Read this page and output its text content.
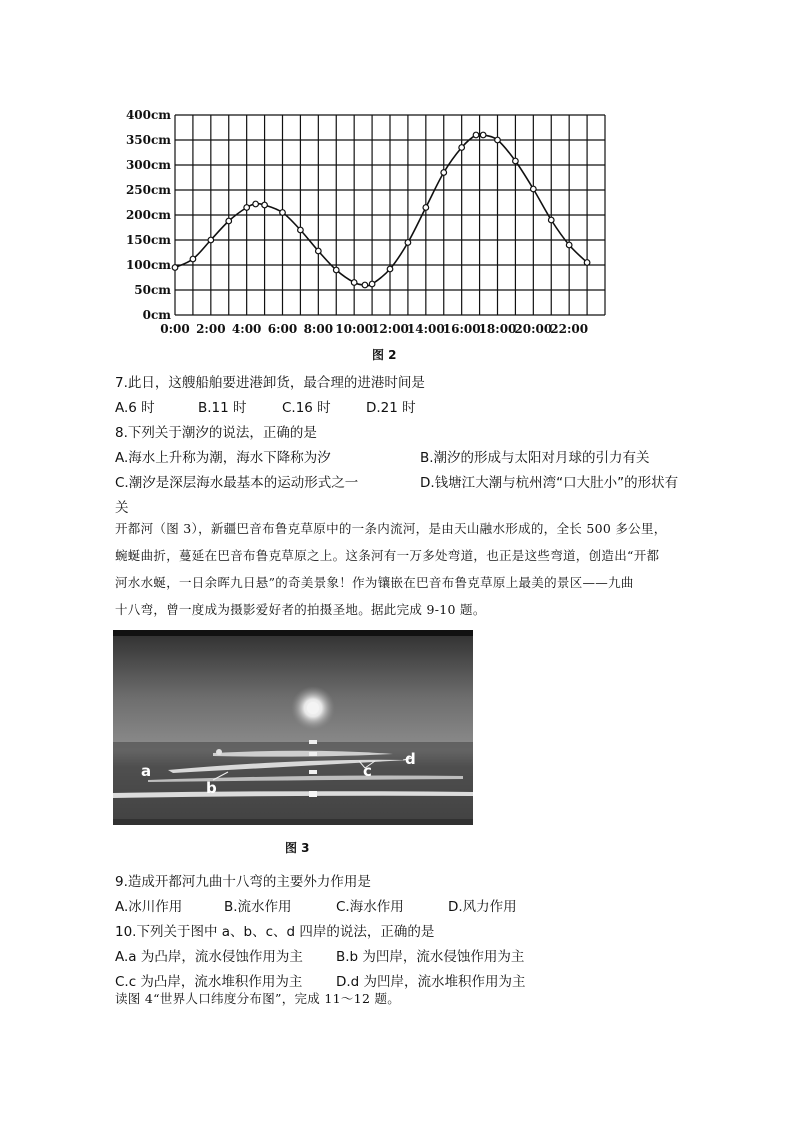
0cm
50cm
100cm
150cm
200cm
250cm
300cm
350cm
400cm
0:00 2:00 4:00 6:00 8:00 10:00
12:00
14:00
16:00
18:00
20:00
22:00
图 2
7.此日，这艘船舶要进港卸货，最合理的进港时间是
A.6 时	B.11 时	C.16 时	D.21 时
8.下列关于潮汐的说法，正确的是
A.海水上升称为潮，海水下降称为汐	B.潮汐的形成与太阳对月球的引力有关
C.潮汐是深层海水最基本的运动形式之一	D.钱塘江大潮与杭州湾“口大肚小”的形状有
关
开都河（图 3），新疆巴音布鲁克草原中的一条内流河，是由天山融水形成的，全长 500 多公里，
蜿蜒曲折，蔓延在巴音布鲁克草原之上。这条河有一万多处弯道，也正是这些弯道，创造出“开都
河水水蜒，一日余晖九日悬”的奇美景象！作为镶嵌在巴音布鲁克草原上最美的景区——九曲
十八弯，曾一度成为摄影爱好者的拍摄圣地。据此完成 9-10 题。
a
b
c
d
图 3
9.造成开都河九曲十八弯的主要外力作用是
A.冰川作用	B.流水作用	C.海水作用	D.风力作用
10.下列关于图中 a、b、c、d 四岸的说法，正确的是
A.a 为凸岸，流水侵蚀作用为主 B.b 为凹岸，流水侵蚀作用为主
C.c 为凸岸，流水堆积作用为主 D.d 为凹岸，流水堆积作用为主
读图 4“世界人口纬度分布图”，完成 11～12 题。
